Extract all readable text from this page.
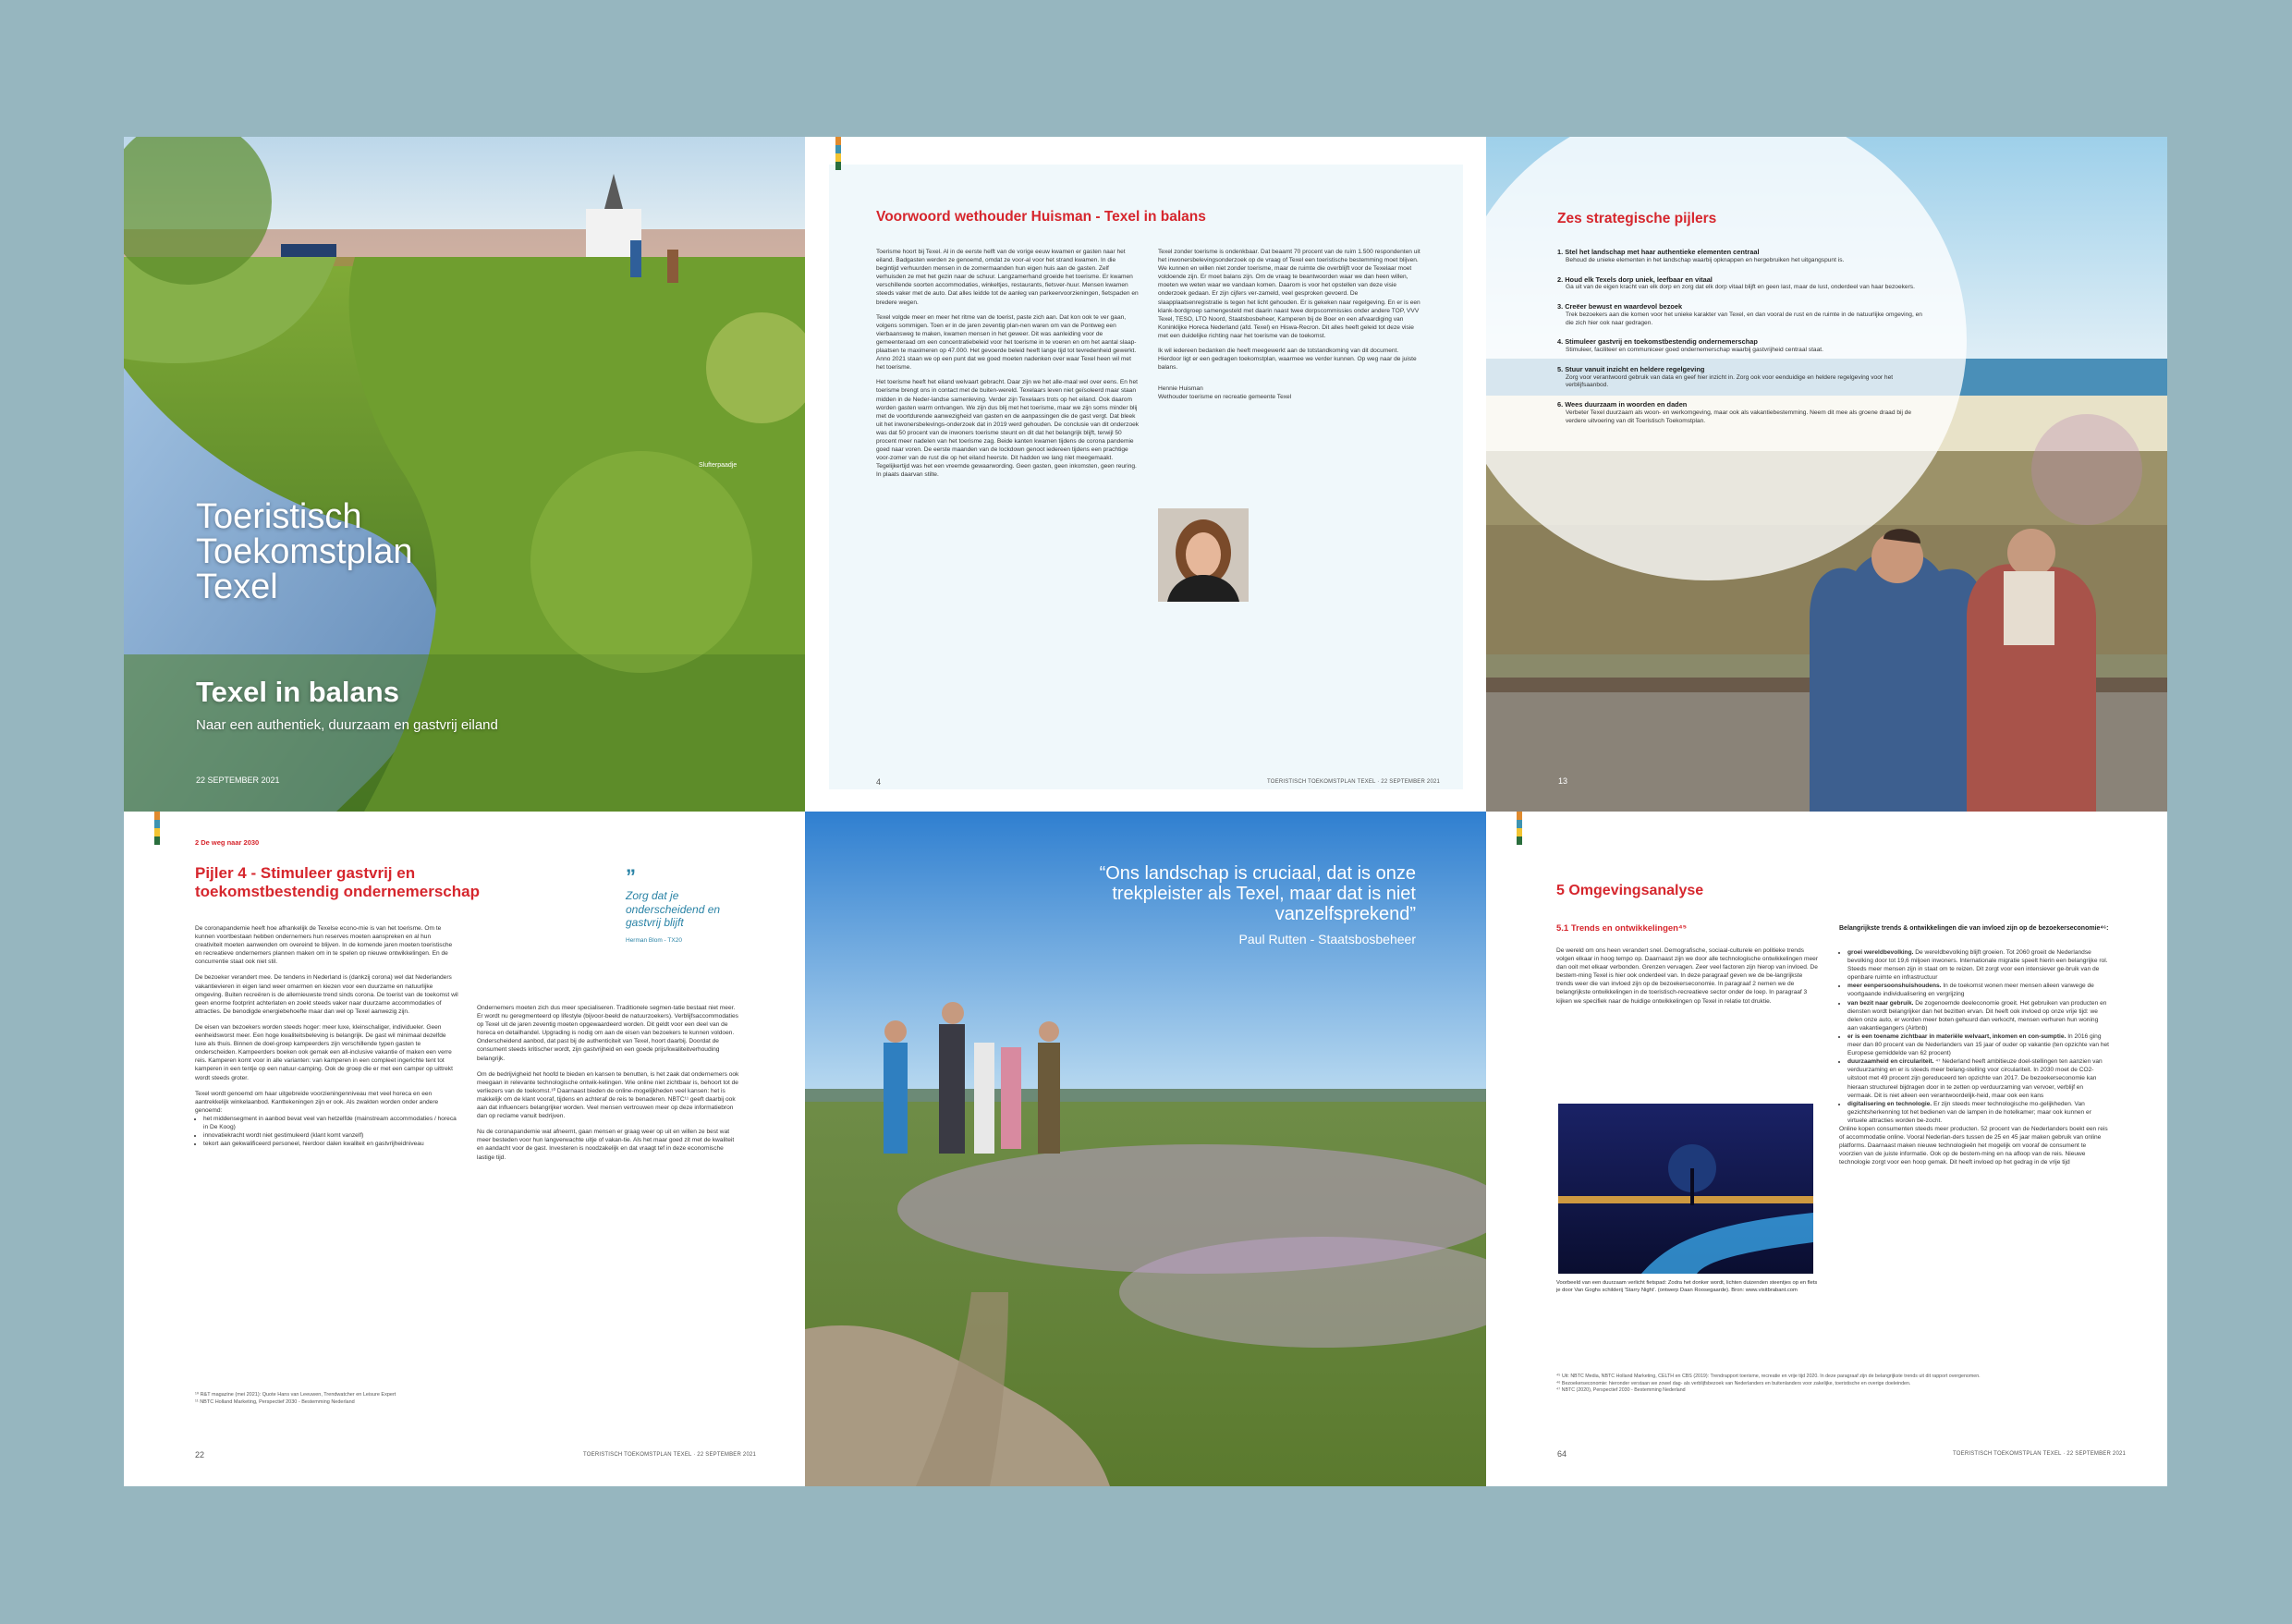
Slufterpaadje
Toeristisch
Toekomstplan
Texel
Texel in balans
Naar een authentiek, duurzaam en gastvrij eiland
22 SEPTEMBER 2021
Voorwoord wethouder Huisman - Texel in balans

Toerisme hoort bij Texel. Al in de eerste helft van de vorige eeuw kwamen er gasten naar het eiland. Badgasten werden ze genoemd, omdat ze voor-al voor het strand kwamen. In die begintijd verhuurden mensen in de zomermaanden hun eigen huis aan de gasten. Zelf verhuisden ze met het gezin naar de schuur. Langzamerhand groeide het toerisme. Er kwamen verschillende soorten accommodaties, winkeltjes, restaurants, fietsver-huur. Mensen kwamen steeds vaker met de auto. Dat alles leidde tot de aanleg van parkeervoorzieningen, fietspaden en bredere wegen.

Texel volgde meer en meer het ritme van de toerist, paste zich aan. Dat kon ook te ver gaan, volgens sommigen. Toen er in de jaren zeventig plan-nen waren om van de Pontweg een vierbaansweg te maken, kwamen mensen in het geweer. Dit was aanleiding voor de gemeenteraad om een concentratiebeleid voor het toerisme in te voeren en om het aantal slaap-plaatsen te maximeren op 47.000. Het gevoerde beleid heeft lange tijd tot tevredenheid gewerkt. Anno 2021 staan we op een punt dat we goed moeten nadenken over waar Texel heen wil met het toerisme.

Het toerisme heeft het eiland welvaart gebracht. Daar zijn we het alle-maal wel over eens. En het toerisme brengt ons in contact met de buiten-wereld. Texelaars leven niet geïsoleerd maar staan midden in de Neder-landse samenleving. Verder zijn Texelaars trots op het eiland. Ook daarom worden gasten warm ontvangen. We zijn dus blij met het toerisme, maar we zijn soms minder blij met de voortdurende aanwezigheid van gasten en de aanpassingen die de gast vergt. Dat bleek uit het inwonersbelevings-onderzoek dat in 2019 werd gehouden. De conclusie van dit onderzoek was dat 50 procent van de inwoners toerisme steunt en dit dat het belangrijk blijft, terwijl 50 procent meer nadelen van het toerisme zag. Beide kanten kwamen tijdens de corona pandemie goed naar voren. De eerste maanden van de lockdown genoot iedereen tijdens een prachtige voor-zomer van de rust die op het eiland heerste. Dit hadden we lang niet meegemaakt. Tegelijkertijd was het een vreemde gewaarwording. Geen gasten, geen inkomsten, geen reuring. In plaats daarvan stilte.

Texel zonder toerisme is ondenkbaar. Dat beaamt 70 procent van de ruim 1.500 respondenten uit het inwonersbelevingsonderzoek op de vraag of Texel een toeristische bestemming moet blijven. We kunnen en willen niet zonder toerisme, maar de ruimte die overblijft voor de Texelaar moet voldoende zijn. Er moet balans zijn. Om de vraag te beantwoorden waar we dan heen willen, moeten we weten waar we vandaan komen. Daarom is voor het opstellen van deze visie onderzoek gedaan. Er zijn cijfers ver-zameld, veel gesproken gevoerd. De slaapplaatsenregistratie is tegen het licht gehouden. Er is gekeken naar regelgeving. En er is een klank-bordgroep samengesteld met daarin naast twee dorpscommissies onder andere TOP, VVV Texel, TESO, LTO Noord, Staatsbosbeheer, Kamperen bij de Boer en een afvaardiging van Koninklijke Horeca Nederland (afd. Texel) en Hiswa-Recron. Dit alles heeft geleid tot deze visie met een duidelijke richting naar het toerisme van de toekomst.

Ik wil iedereen bedanken die heeft meegewerkt aan de totstandkoming van dit document. Hierdoor ligt er een gedragen toekomstplan, waarmee we verder kunnen. Op weg naar de juiste balans.

Hennie Huisman

Wethouder toerisme en recreatie gemeente Texel

4	TOERISTISCH TOEKOMSTPLAN TEXEL · 22 SEPTEMBER 2021
Zes strategische pijlers
1. Stel het landschap met haar authentieke elementen centraal
Behoud de unieke elementen in het landschap waarbij opknappen en hergebruiken het uitgangspunt is.
2. Houd elk Texels dorp uniek, leefbaar en vitaal
Ga uit van de eigen kracht van elk dorp en zorg dat elk dorp vitaal blijft en geen last, maar de lust, onderdeel van haar bezoekers.
3. Creëer bewust en waardevol bezoek
Trek bezoekers aan die komen voor het unieke karakter van Texel, en dan vooral de rust en de ruimte in de natuurlijke omgeving, en die zich hier ook naar gedragen.
4. Stimuleer gastvrij en toekomstbestendig ondernemerschap
Stimuleer, faciliteer en communiceer goed ondernemerschap waarbij gastvrijheid centraal staat.
5. Stuur vanuit inzicht en heldere regelgeving
Zorg voor verantwoord gebruik van data en geef hier inzicht in. Zorg ook voor eenduidige en heldere regelgeving voor het verblijfsaanbod.
6. Wees duurzaam in woorden en daden
Verbeter Texel duurzaam als woon- en werkomgeving, maar ook als vakantiebestemming. Neem dit mee als groene draad bij de verdere uitvoering van dit Toeristisch Toekomstplan.
13
2 De weg naar 2030
Pijler 4 - Stimuleer gastvrij en
toekomstbestendig ondernemerschap
”
Zorg dat je onderscheidend en gastvrij blijft
Herman Blom - TX20

De coronapandemie heeft hoe afhankelijk de Texelse econo-mie is van het toerisme. Om te kunnen voortbestaan hebben ondernemers hun reserves moeten aanspreken en al hun creativiteit moeten aanwenden om overeind te blijven. In de komende jaren moeten toeristische en recreatieve ondernemers plannen maken om in te spelen op nieuwe ontwikkelingen. En de concurrentie staat ook niet stil.

De bezoeker verandert mee. De tendens in Nederland is (dankzij corona) wel dat Nederlanders vakantievieren in eigen land weer omarmen en kiezen voor een duurzame en natuurlijke omgeving. Buiten recreëren is de allernieuwste trend sinds corona. De toerist van de toekomst wil geen enorme footprint achterlaten en zoekt steeds vaker naar duurzame accommodaties of attracties. De benodigde energiebehoefte maar dan wel op Texel aanwezig zijn.

De eisen van bezoekers worden steeds hoger: meer luxe, kleinschaliger, individueler. Geen eenheidsworst meer. Een hoge kwaliteitsbeleving is belangrijk. De gast wil minimaal dezelfde luxe als thuis. Binnen de doel-groep kampeerders zijn verschillende typen gasten te onderscheiden. Kampeerders boeken ook gemak een all-inclusive vakantie of maken een verre reis. Kamperen komt voor in alle varianten: van kamperen in een compleet ingerichte tent tot kamperen in een tentje op een natuur-camping. Ook de groep die er met een camper op uittrekt wordt steeds groter.

Texel wordt genoemd om haar uitgebreide voorzieningenniveau met veel horeca en een aantrekkelijk winkelaanbod. Kanttekeningen zijn er ook. Als zwakten worden onder andere genoemd:

• het middensegment in aanbod bevat veel van hetzelfde (mainstream accommodaties / horeca in De Koog)
• innovatiekracht wordt niet gestimuleerd (klant komt vanzelf)
• tekort aan gekwalificeerd personeel, hierdoor dalen kwaliteit en gastvrijheidniveau

Ondernemers moeten zich dus meer specialiseren. Traditionele segmen-tatie bestaat niet meer. Er wordt nu geregmenteerd op lifestyle (bijvoor-beeld de natuurzoekers). Verblijfsaccommodaties op Texel uit de jaren zeventig moeten opgewaardeerd worden. Dit geldt voor een deel van de horeca en detailhandel. Upgrading is nodig om aan de eisen van bezoekers te kunnen voldoen. Onderscheidend aanbod, dat past bij de authenticiteit van Texel, hoort daarbij. Doordat de consument steeds kritischer wordt, zijn gastvrijheid en een goede prijs/kwaliteitverhouding belangrijk.

Om de bedrijvigheid het hoofd te bieden en kansen te benutten, is het zaak dat ondernemers ook meegaan in relevante technologische ontwik-kelingen. Wie online niet zichtbaar is, behoort tot de verliezers van de toekomst.¹⁰ Daarnaast bieden de online-mogelijkheden veel kansen: het is makkelijk om de klant vooraf, tijdens en achteraf de reis te benaderen. NBTC¹¹ geeft daarbij ook aan dat influencers belangrijker worden. Veel mensen vertrouwen meer op deze informatiebron dan op reclame vanuit bedrijven.

Nu de coronapandemie wat afneemt, gaan mensen er graag weer op uit en willen ze best wat meer besteden voor hun langverwachte uitje of vakan-tie. Als het maar goed zit met de kwaliteit en aandacht voor de gast. Investeren is noodzakelijk en dat vraagt tef in deze economische lastige tijd.

¹⁰ R&T magazine (mei 2021): Quote Hans van Leeuwen, Trendwatcher en Leisure Expert
¹¹ NBTC Holland Marketing, Perspectief 2030 - Bestemming Nederland
22	TOERISTISCH TOEKOMSTPLAN TEXEL · 22 SEPTEMBER 2021
“Ons landschap is cruciaal, dat is onze trekpleister als Texel, maar dat is niet vanzelfsprekend”
Paul Rutten - Staatsbosbeheer
5 Omgevingsanalyse
5.1 Trends en ontwikkelingen⁴⁵
De wereld om ons heen verandert snel. Demografische, sociaal-culturele en politieke trends volgen elkaar in hoog tempo op. Daarnaast zijn we door alle technologische ontwikkelingen meer dan ooit met elkaar verbonden. Grenzen vervagen. Zeer veel factoren zijn hierop van invloed. De bestem-ming Texel is hier ook onderdeel van. In deze paragraaf geven we de be-langrijkste trends weer die van invloed zijn op de bezoekerseconomie. In paragraaf 2 nemen we de belangrijkste ontwikkelingen in de toeristisch-recreatieve sector onder de loep. In paragraaf 3 kijken we specifiek naar de huidige ontwikkelingen op Texel in relatie tot druktie.
Voorbeeld van een duurzaam verlicht fietspad: Zodra het donker wordt, lichten duizenden steentjes op en flets je door Van Goghs schilderij 'Starry Night'. (ontwerp Daan Roosegaarde). Bron: www.visitbrabant.com
Belangrijkste trends & ontwikkelingen die van invloed zijn op de bezoekerseconomie⁴⁶:
• groei wereldbevolking. De wereldbevolking blijft groeien. Tot 2060 groeit de Nederlandse bevolking door tot 19,6 miljoen inwoners. Internationale migratie speelt hierin een belangrijke rol. Steeds meer mensen zijn in staat om te reizen. Dit zorgt voor een intensiever ge-bruik van de openbare ruimte en infrastructuur
• meer eenpersoonshuishoudens. In de toekomst wonen meer mensen alleen vanwege de voortgaande individualisering en vergrijzing
• van bezit naar gebruik. De zogenoemde deeleconomie groeit. Het gebruiken van producten en diensten wordt belangrijker dan het bezitten ervan. Dit heeft ook invloed op onze vrije tijd: we delen onze auto, er worden meer boten gehuurd dan verkocht, mensen verhuren hun woning aan vakantiegangers (Airbnb)
• er is een toename zichtbaar in materiële welvaart, inkomen en con-sumptie. In 2016 ging meer dan 80 procent van de Nederlanders van 15 jaar of ouder op vakantie (ten opzichte van het Europese gemiddelde van 62 procent)
• duurzaamheid en circulariteit. ⁴⁷ Nederland heeft ambitieuze doel-stellingen ten aanzien van verduurzaming en er is steeds meer belang-stelling voor circulariteit. In 2030 moet de CO2-uitstoot met 49 procent zijn gereduceerd ten opzichte van 2017. De bezoekerseconomie kan hieraan structureel bijdragen door in te zetten op verduurzaming van vervoer, verblijf en vermaak. Dit is niet alleen een verantwoordelijk-heid, maar ook een kans
• digitalisering en technologie. Er zijn steeds meer technologische mo-gelijkheden. Van gezichtsherkenning tot het bedienen van de lampen in de hotelkamer; maar ook kunnen er virtuele attracties worden be-zocht.
Online kopen consumenten steeds meer producten. 52 procent van de Nederlanders boekt een reis of accommodatie online. Vooral Nederlan-ders tussen de 25 en 45 jaar maken gebruik van online platforms. Daarnaast maken nieuwe technologieën het mogelijk om vooraf de consument te voorzien van de juiste informatie. Ook op de bestem-ming en na afloop van de reis. Nieuwe technologie zorgt voor een hoop gemak. Dit heeft invloed op het gedrag in de vrije tijd
⁴⁵ Uit: NBTC Media, NBTC Holland Marketing, CELTH en CBS (2019): Trendrapport toerisme, recreatie en vrije tijd 2020. In deze paragraaf zijn de belangrijkste trends uit dit rapport overgenomen.
⁴⁶ Bezoekerseconomie: hieronder verstaan we zowel dag- als verblijfsbezoek van Nederlanders en buitenlanders voor zakelijke, toeristische en overige doeleinden.
⁴⁷ NBTC (2020), Perspectief 2030 - Bestemming Nederland
64	TOERISTISCH TOEKOMSTPLAN TEXEL · 22 SEPTEMBER 2021
